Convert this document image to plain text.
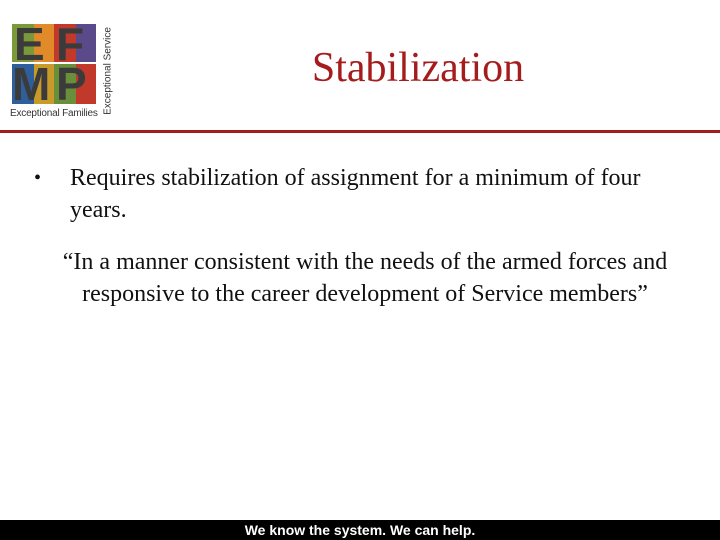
E F
M P
Exceptional Families Exceptional Service	Stabilization
• Requires stabilization of assignment for a minimum of four years.
“In a manner consistent with the needs of the armed forces and responsive to the career development of Service members”
We know the system. We can help.
